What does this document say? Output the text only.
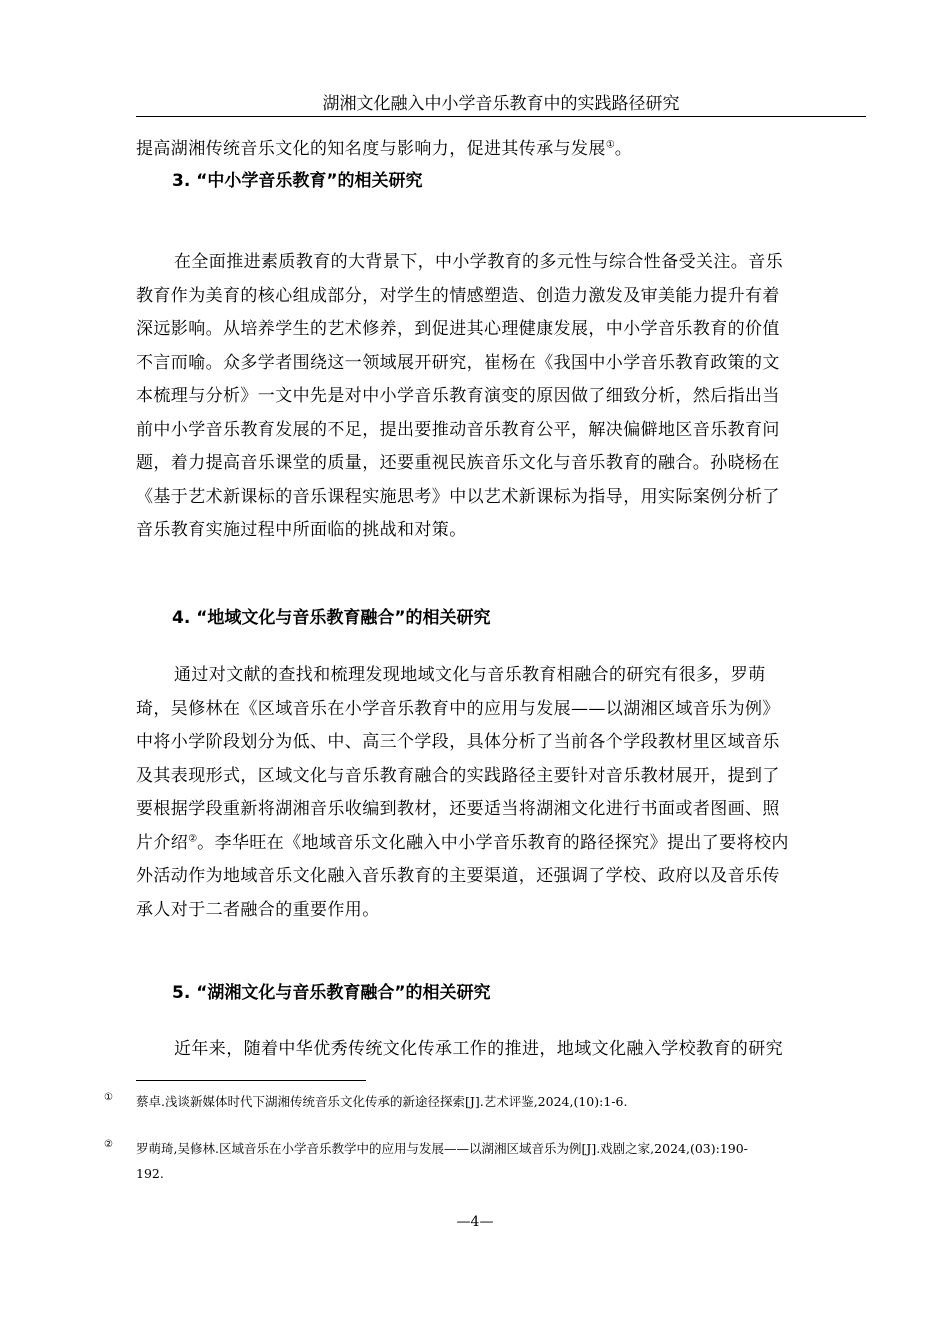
湖湘文化融入中小学音乐教育中的实践路径研究
提高湖湘传统音乐文化的知名度与影响力，促进其传承与发展①。
3. “中小学音乐教育”的相关研究
在全面推进素质教育的大背景下，中小学教育的多元性与综合性备受关注。音乐
教育作为美育的核心组成部分，对学生的情感塑造、创造力激发及审美能力提升有着
深远影响。从培养学生的艺术修养，到促进其心理健康发展，中小学音乐教育的价值
不言而喻。众多学者围绕这一领域展开研究，崔杨在《我国中小学音乐教育政策的文
本梳理与分析》一文中先是对中小学音乐教育演变的原因做了细致分析，然后指出当
前中小学音乐教育发展的不足，提出要推动音乐教育公平，解决偏僻地区音乐教育问
题，着力提高音乐课堂的质量，还要重视民族音乐文化与音乐教育的融合。孙晓杨在
《基于艺术新课标的音乐课程实施思考》中以艺术新课标为指导，用实际案例分析了
音乐教育实施过程中所面临的挑战和对策。
4. “地域文化与音乐教育融合”的相关研究
通过对文献的查找和梳理发现地域文化与音乐教育相融合的研究有很多，罗萌
琦，吴修林在《区域音乐在小学音乐教育中的应用与发展——以湖湘区域音乐为例》
中将小学阶段划分为低、中、高三个学段，具体分析了当前各个学段教材里区域音乐
及其表现形式，区域文化与音乐教育融合的实践路径主要针对音乐教材展开，提到了
要根据学段重新将湖湘音乐收编到教材，还要适当将湖湘文化进行书面或者图画、照
片介绍②。李华旺在《地域音乐文化融入中小学音乐教育的路径探究》提出了要将校内
外活动作为地域音乐文化融入音乐教育的主要渠道，还强调了学校、政府以及音乐传
承人对于二者融合的重要作用。
5. “湖湘文化与音乐教育融合”的相关研究
近年来，随着中华优秀传统文化传承工作的推进，地域文化融入学校教育的研究
① 蔡卓.浅谈新媒体时代下湖湘传统音乐文化传承的新途径探索[J].艺术评鉴,2024,(10):1-6.
② 罗萌琦,吴修林.区域音乐在小学音乐教学中的应用与发展——以湖湘区域音乐为例[J].戏剧之家,2024,(03):190-
192.
—4—
